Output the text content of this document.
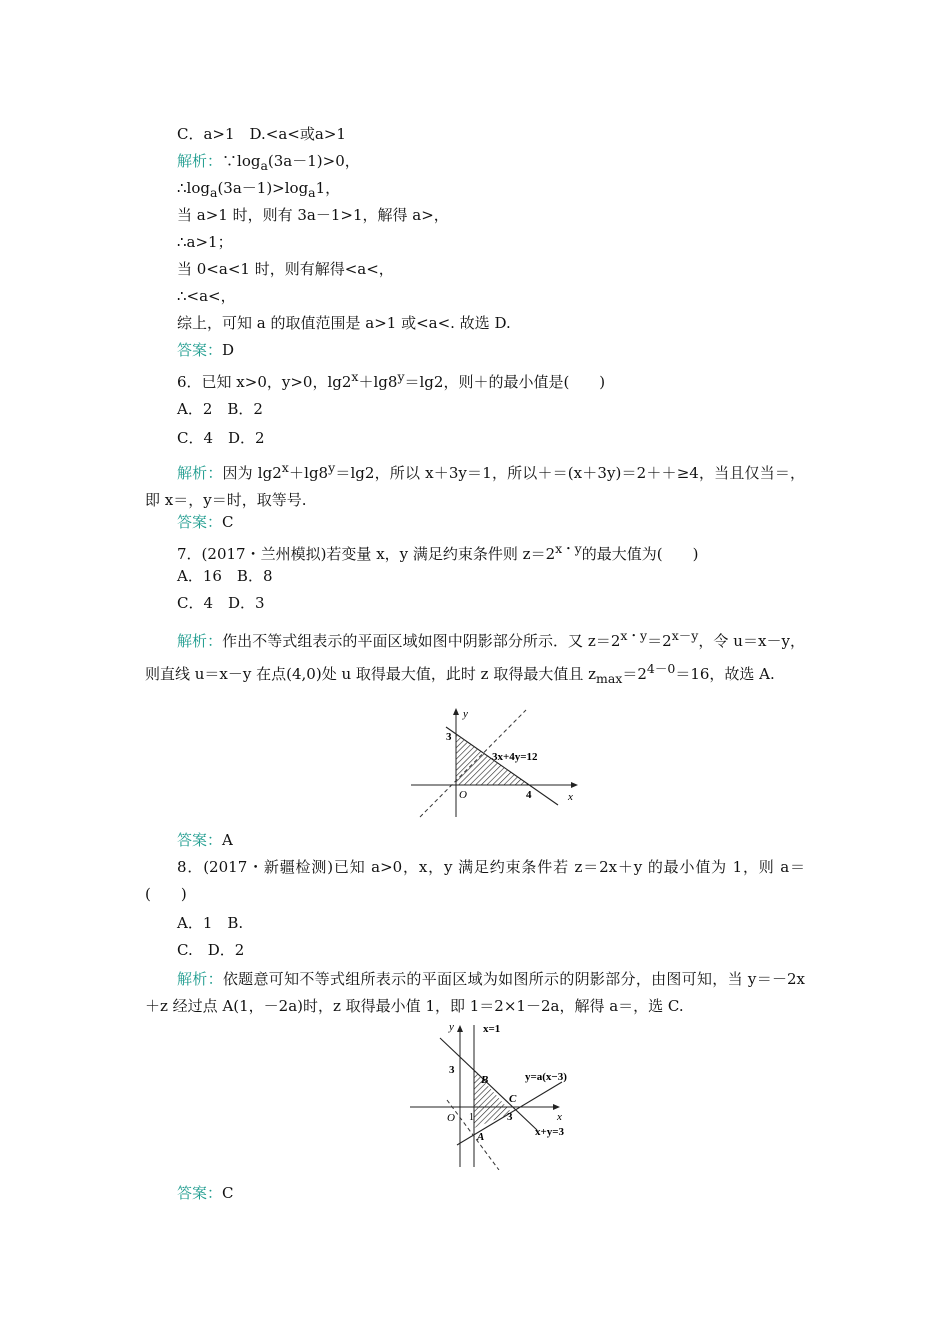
C．a>1　D.<a<或a>1
解析：$\because\log_a(3a-1)>0$，
$\therefore\log_a(3a-1)>\log_a1$，
当 a>1 时，则有 3a－1>1，解得 a>，
∴a>1；
当 0<a<1 时，则有解得<a<，
∴<a<，
综上，可知 a 的取值范围是 a>1 或<a<. 故选 D.
答案：D
6．已知 x>0，y>0，$\lg 2^x+\lg 8^y=\lg 2$，则＋的最小值是(　　)
A．2　B．2
C．4　D．2
解析：因为 $\lg 2^x+\lg 8^y=\lg 2$，所以 x＋3y＝1，所以＋＝(x＋3y)＝2＋＋≥4，当且仅当＝，即 x＝，y＝时，取等号.
答案：C
7．(2017・兰州模拟)若变量 x，y 满足约束条件则 $z=2^{x・y}$的最大值为(　　)
A．16　B．8
C．4　D．3
解析：作出不等式组表示的平面区域如图中阴影部分所示．又 $z=2^{x・y}=2^{x-y}$，令 u＝x－y，则直线 u＝x－y 在点(4,0)处 u 取得最大值，此时 z 取得最大值且 $z_{max}=2^{4-0}=16$，故选 A.
y
x
O
3
4
3x+4y=12
答案：A
8．(2017・新疆检测)已知 a>0，x，y 满足约束条件若 z＝2x＋y 的最小值为 1，则 a＝(　　)
A．1　B.
C.　D．2
解析：依题意可知不等式组所表示的平面区域为如图所示的阴影部分，由图可知，当 y＝－2x＋z 经过点 A(1，－2a)时，z 取得最小值 1，即 1＝2×1－2a，解得 a＝，选 C.
y
x
O
3
3
1
x=1
y=a(x−3)
x+y=3
A
B
C
答案：C
